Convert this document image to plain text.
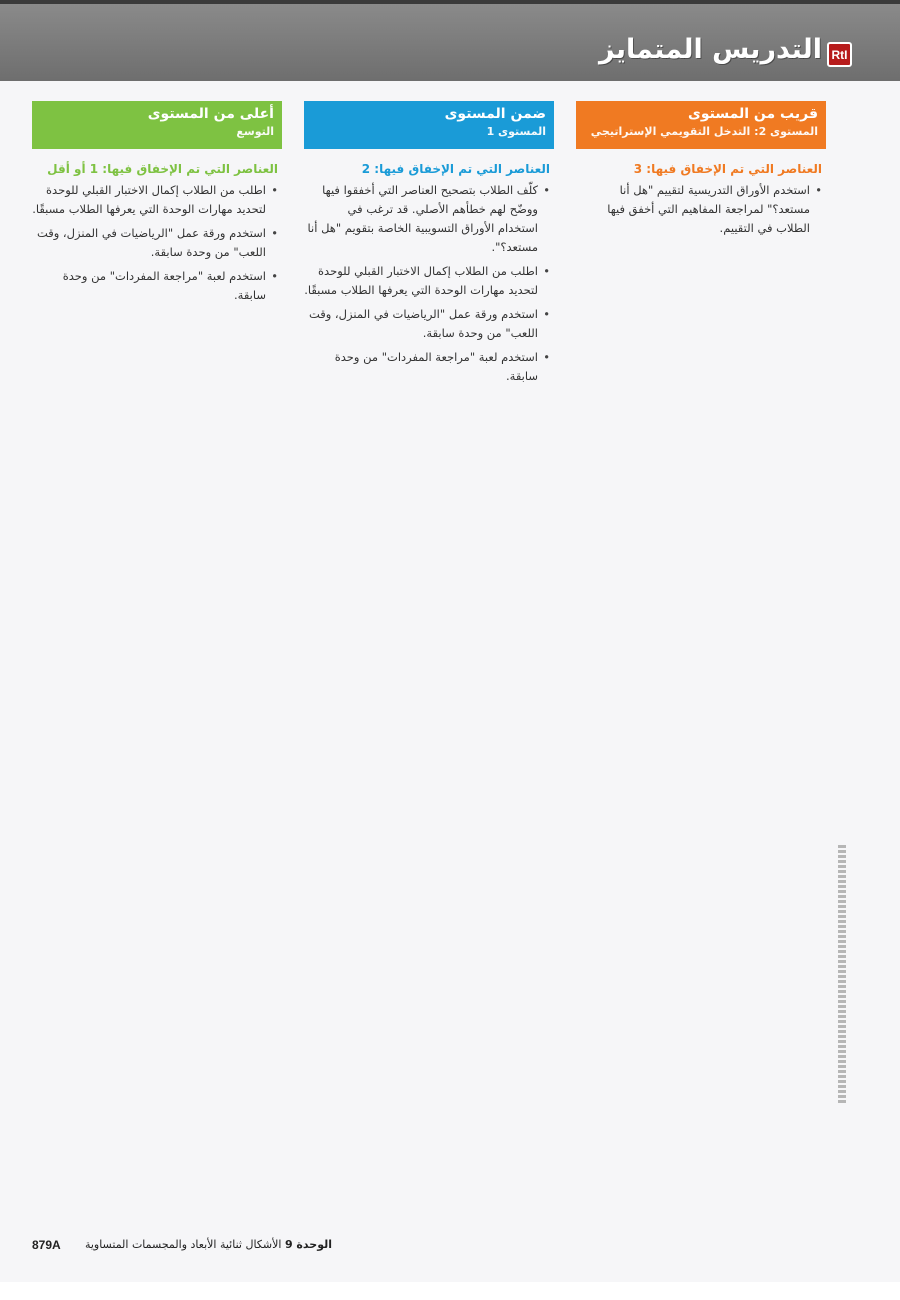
التدريس المتمايز RtI
قريب من المستوى
المستوى 2: التدخل التقويمي الإستراتيجي
العناصر التي تم الإخفاق فيها: 3
• استخدم الأوراق التدريسية لتقييم "هل أنا مستعد؟" لمراجعة المفاهيم التي أخفق فيها الطلاب في التقييم.
ضمن المستوى
المستوى 1
العناصر التي تم الإخفاق فيها: 2
• كلّف الطلاب بتصحيح العناصر التي أخفقوا فيها ووضّح لهم خطأهم الأصلي. قد ترغب في استخدام الأوراق التسويبية الخاصة بتقويم "هل أنا مستعد؟".
• اطلب من الطلاب إكمال الاختبار القبلي للوحدة لتحديد مهارات الوحدة التي يعرفها الطلاب مسبقًا.
• استخدم ورقة عمل "الرياضيات في المنزل، وقت اللعب" من وحدة سابقة.
• استخدم لعبة "مراجعة المفردات" من وحدة سابقة.
أعلى من المستوى
التوسع
العناصر التي تم الإخفاق فيها: 1 أو أقل
• اطلب من الطلاب إكمال الاختبار القبلي للوحدة لتحديد مهارات الوحدة التي يعرفها الطلاب مسبقًا.
• استخدم ورقة عمل "الرياضيات في المنزل، وقت اللعب" من وحدة سابقة.
• استخدم لعبة "مراجعة المفردات" من وحدة سابقة.
الوحدة 9 الأشكال ثنائية الأبعاد والمجسمات المتساوية
879A
